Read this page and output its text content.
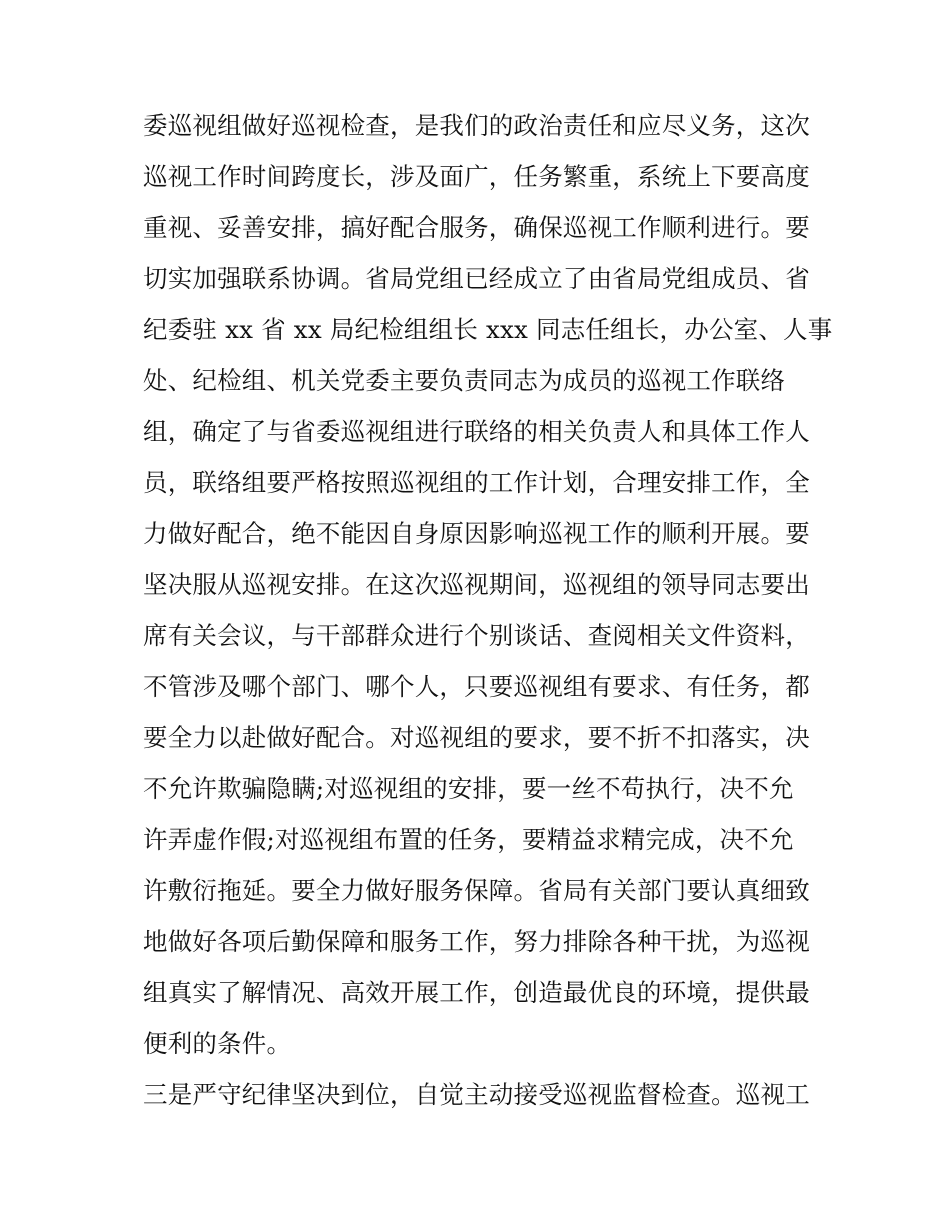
委巡视组做好巡视检查，是我们的政治责任和应尽义务，这次
巡视工作时间跨度长，涉及面广，任务繁重，系统上下要高度
重视、妥善安排，搞好配合服务，确保巡视工作顺利进行。要
切实加强联系协调。省局党组已经成立了由省局党组成员、省
纪委驻 xx 省 xx 局纪检组组长 xxx 同志任组长，办公室、人事
处、纪检组、机关党委主要负责同志为成员的巡视工作联络
组，确定了与省委巡视组进行联络的相关负责人和具体工作人
员，联络组要严格按照巡视组的工作计划，合理安排工作，全
力做好配合，绝不能因自身原因影响巡视工作的顺利开展。要
坚决服从巡视安排。在这次巡视期间，巡视组的领导同志要出
席有关会议，与干部群众进行个别谈话、查阅相关文件资料，
不管涉及哪个部门、哪个人，只要巡视组有要求、有任务，都
要全力以赴做好配合。对巡视组的要求，要不折不扣落实，决
不允许欺骗隐瞒;对巡视组的安排，要一丝不苟执行，决不允
许弄虚作假;对巡视组布置的任务，要精益求精完成，决不允
许敷衍拖延。要全力做好服务保障。省局有关部门要认真细致
地做好各项后勤保障和服务工作，努力排除各种干扰，为巡视
组真实了解情况、高效开展工作，创造最优良的环境，提供最
便利的条件。
三是严守纪律坚决到位，自觉主动接受巡视监督检查。巡视工
